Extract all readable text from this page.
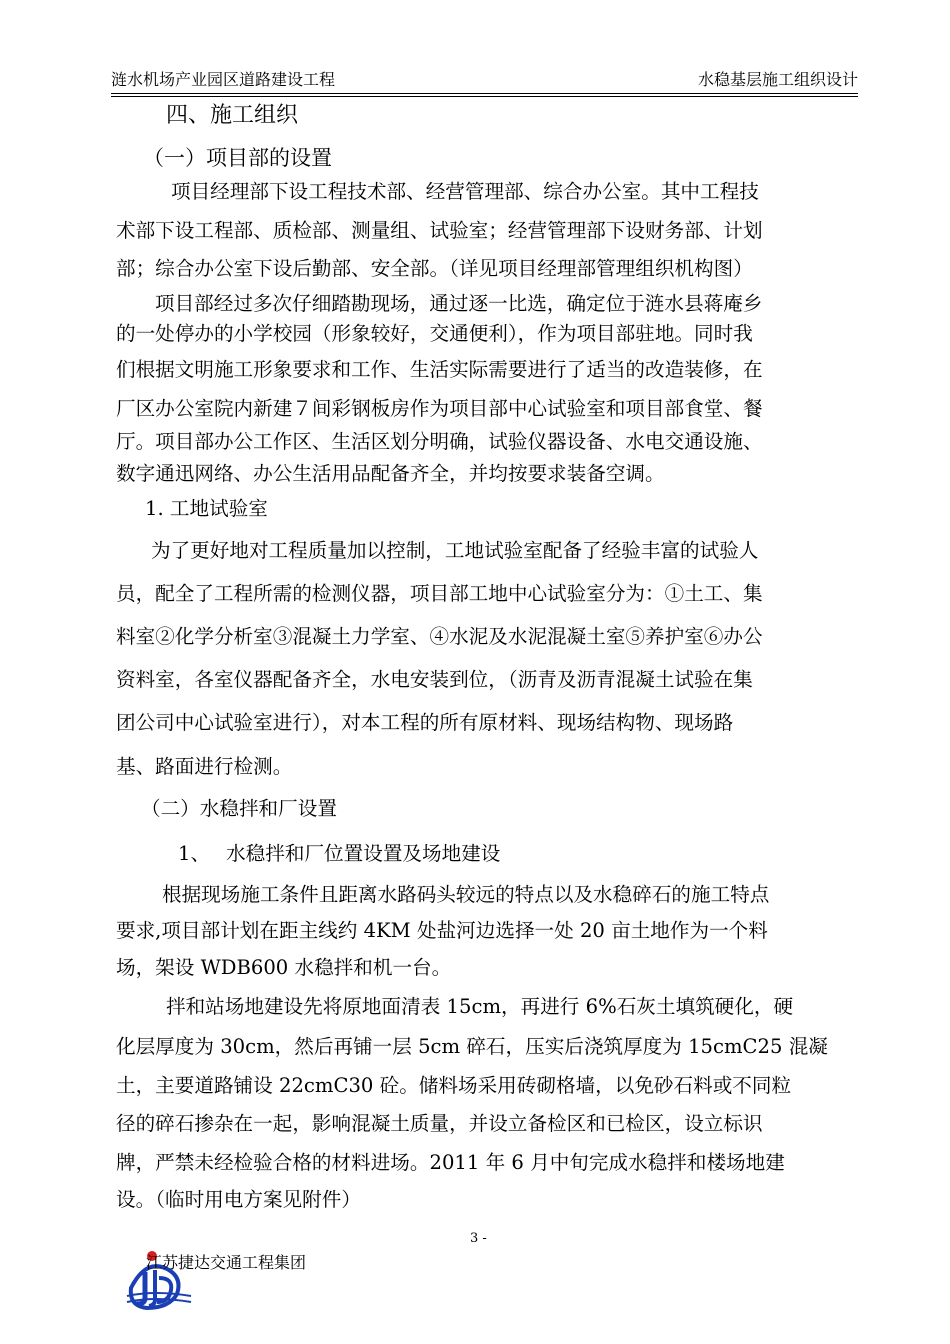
涟水机场产业园区道路建设工程	水稳基层施工组织设计
四、施工组织
（一）项目部的设置
项目经理部下设工程技术部、经营管理部、综合办公室。其中工程技
术部下设工程部、质检部、测量组、试验室；经营管理部下设财务部、计划
部；综合办公室下设后勤部、安全部。（详见项目经理部管理组织机构图）
项目部经过多次仔细踏勘现场，通过逐一比选，确定位于涟水县蒋庵乡
的一处停办的小学校园（形象较好，交通便利），作为项目部驻地。同时我
们根据文明施工形象要求和工作、生活实际需要进行了适当的改造装修，在
厂区办公室院内新建７间彩钢板房作为项目部中心试验室和项目部食堂、餐
厅。项目部办公工作区、生活区划分明确，试验仪器设备、水电交通设施、
数字通迅网络、办公生活用品配备齐全，并均按要求装备空调。
1. 工地试验室
为了更好地对工程质量加以控制，工地试验室配备了经验丰富的试验人
员，配全了工程所需的检测仪器，项目部工地中心试验室分为：①土工、集
料室②化学分析室③混凝土力学室、④水泥及水泥混凝土室⑤养护室⑥办公
资料室，各室仪器配备齐全，水电安装到位，（沥青及沥青混凝土试验在集
团公司中心试验室进行），对本工程的所有原材料、现场结构物、现场路
基、路面进行检测。
（二）水稳拌和厂设置
1、　 水稳拌和厂位置设置及场地建设
根据现场施工条件且距离水路码头较远的特点以及水稳碎石的施工特点
要求,项目部计划在距主线约 4KM 处盐河边选择一处 20 亩土地作为一个料
场，架设 WDB600 水稳拌和机一台。
拌和站场地建设先将原地面清表 15cm，再进行 6%石灰土填筑硬化，硬
化层厚度为 30cm，然后再铺一层 5cm 碎石，压实后浇筑厚度为 15cmC25 混凝
土，主要道路铺设 22cmC30 砼。储料场采用砖砌格墙，以免砂石料或不同粒
径的碎石掺杂在一起，影响混凝土质量，并设立备检区和已检区，设立标识
牌，严禁未经检验合格的材料进场。2011 年 6 月中旬完成水稳拌和楼场地建
设。（临时用电方案见附件）
3 -
江苏捷达交通工程集团
